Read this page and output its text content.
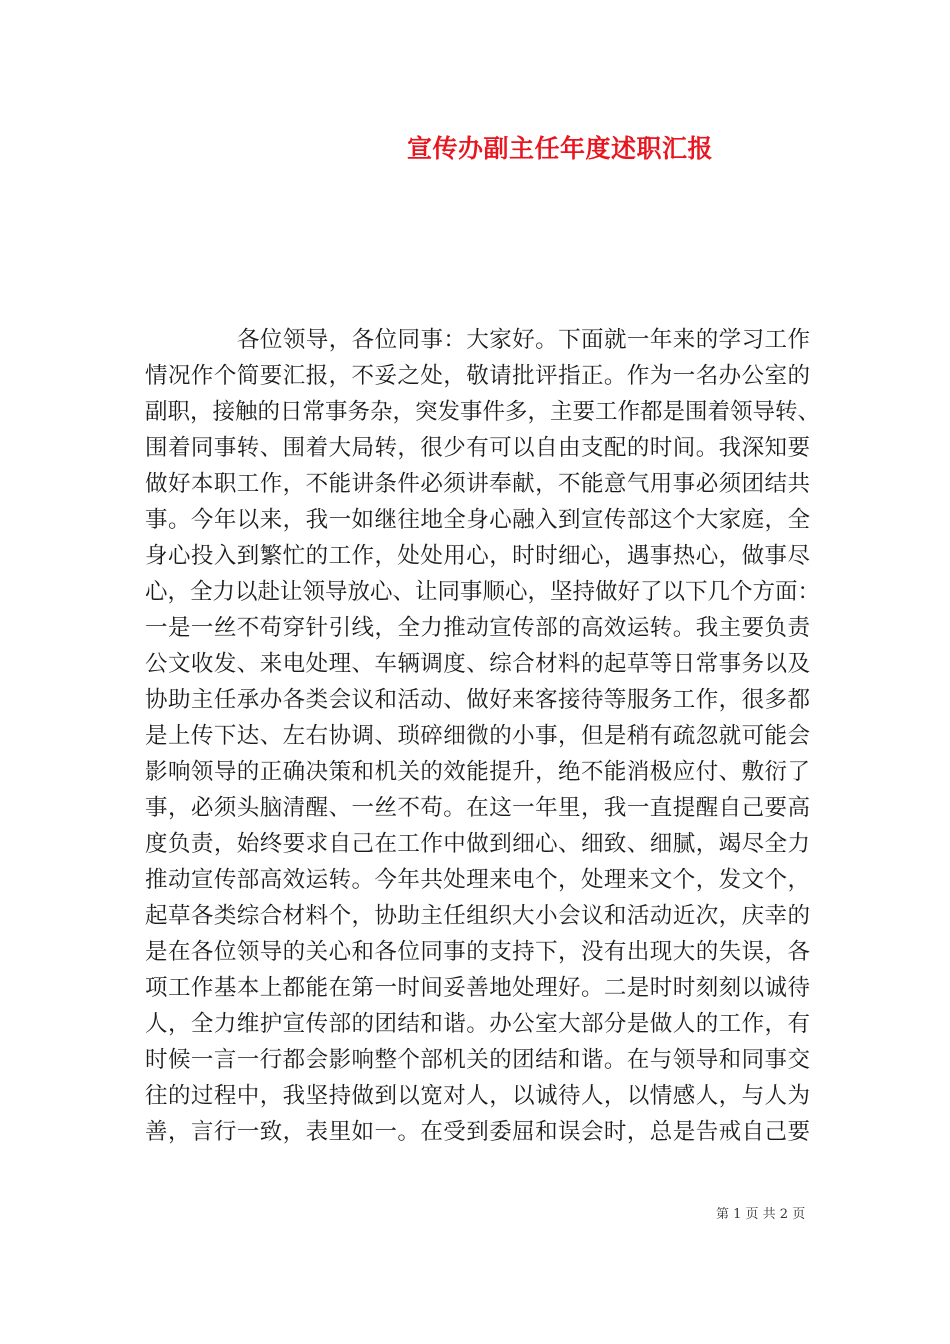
宣传办副主任年度述职汇报
各位领导，各位同事：大家好。下面就一年来的学习工作
情况作个简要汇报，不妥之处，敬请批评指正。作为一名办公室的
副职，接触的日常事务杂，突发事件多，主要工作都是围着领导转、
围着同事转、围着大局转，很少有可以自由支配的时间。我深知要
做好本职工作，不能讲条件必须讲奉献，不能意气用事必须团结共
事。今年以来，我一如继往地全身心融入到宣传部这个大家庭，全
身心投入到繁忙的工作，处处用心，时时细心，遇事热心，做事尽
心，全力以赴让领导放心、让同事顺心，坚持做好了以下几个方面：
一是一丝不苟穿针引线，全力推动宣传部的高效运转。我主要负责
公文收发、来电处理、车辆调度、综合材料的起草等日常事务以及
协助主任承办各类会议和活动、做好来客接待等服务工作，很多都
是上传下达、左右协调、琐碎细微的小事，但是稍有疏忽就可能会
影响领导的正确决策和机关的效能提升，绝不能消极应付、敷衍了
事，必须头脑清醒、一丝不苟。在这一年里，我一直提醒自己要高
度负责，始终要求自己在工作中做到细心、细致、细腻，竭尽全力
推动宣传部高效运转。今年共处理来电个，处理来文个，发文个，
起草各类综合材料个，协助主任组织大小会议和活动近次，庆幸的
是在各位领导的关心和各位同事的支持下，没有出现大的失误，各
项工作基本上都能在第一时间妥善地处理好。二是时时刻刻以诚待
人，全力维护宣传部的团结和谐。办公室大部分是做人的工作，有
时候一言一行都会影响整个部机关的团结和谐。在与领导和同事交
往的过程中，我坚持做到以宽对人，以诚待人，以情感人，与人为
善，言行一致，表里如一。在受到委屈和误会时，总是告戒自己要
第 1 页 共 2 页
